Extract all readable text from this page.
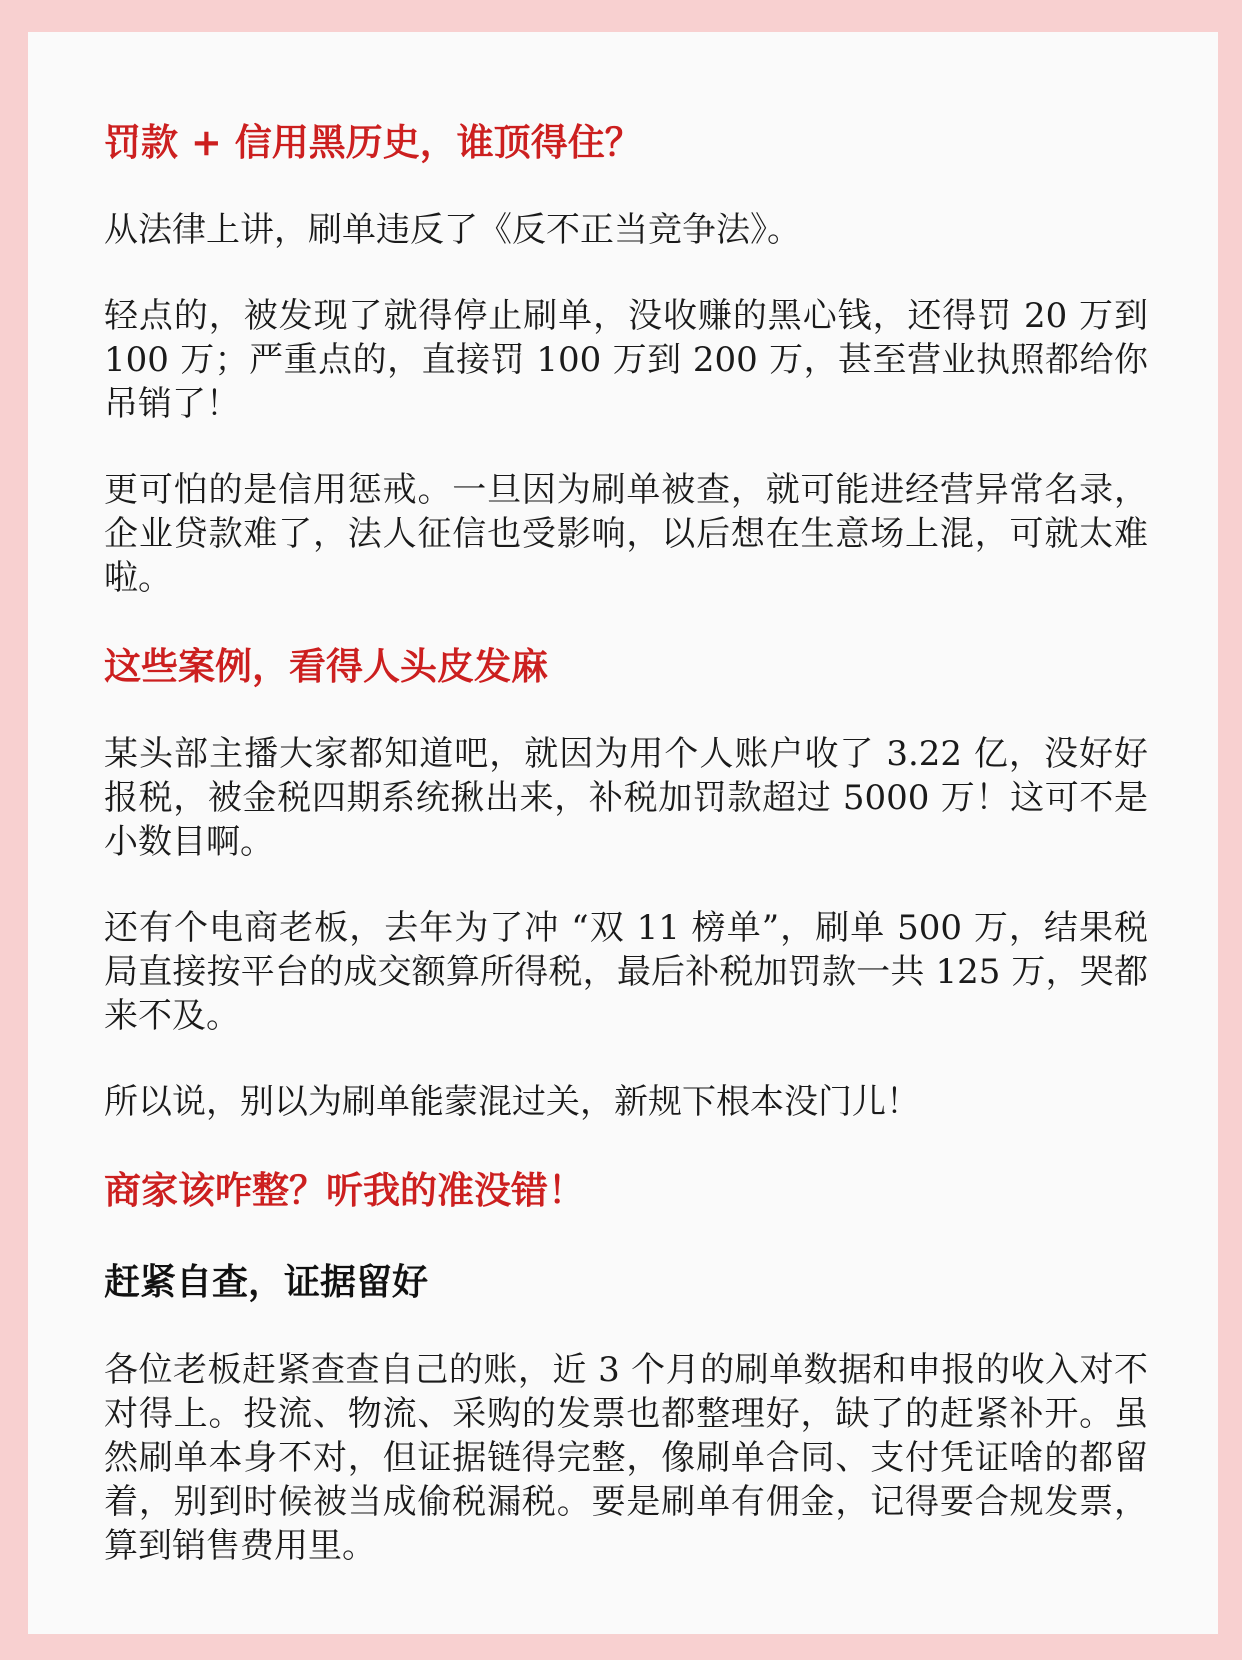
罚款 + 信用黑历史，谁顶得住？

从法律上讲，刷单违反了《反不正当竞争法》。

轻点的，被发现了就得停止刷单，没收赚的黑心钱，还得罚 20 万到 100 万；严重点的，直接罚 100 万到 200 万，甚至营业执照都给你吊销了！

更可怕的是信用惩戒。一旦因为刷单被查，就可能进经营异常名录，企业贷款难了，法人征信也受影响，以后想在生意场上混，可就太难啦。

这些案例，看得人头皮发麻

某头部主播大家都知道吧，就因为用个人账户收了 3.22 亿，没好好报税，被金税四期系统揪出来，补税加罚款超过 5000 万！这可不是小数目啊。

还有个电商老板，去年为了冲 “双 11 榜单”，刷单 500 万，结果税局直接按平台的成交额算所得税，最后补税加罚款一共 125 万，哭都来不及。

所以说，别以为刷单能蒙混过关，新规下根本没门儿！

商家该咋整？听我的准没错！
赶紧自查，证据留好

各位老板赶紧查查自己的账，近 3 个月的刷单数据和申报的收入对不对得上。投流、物流、采购的发票也都整理好，缺了的赶紧补开。虽然刷单本身不对，但证据链得完整，像刷单合同、支付凭证啥的都留着，别到时候被当成偷税漏税。要是刷单有佣金，记得要合规发票，算到销售费用里。
